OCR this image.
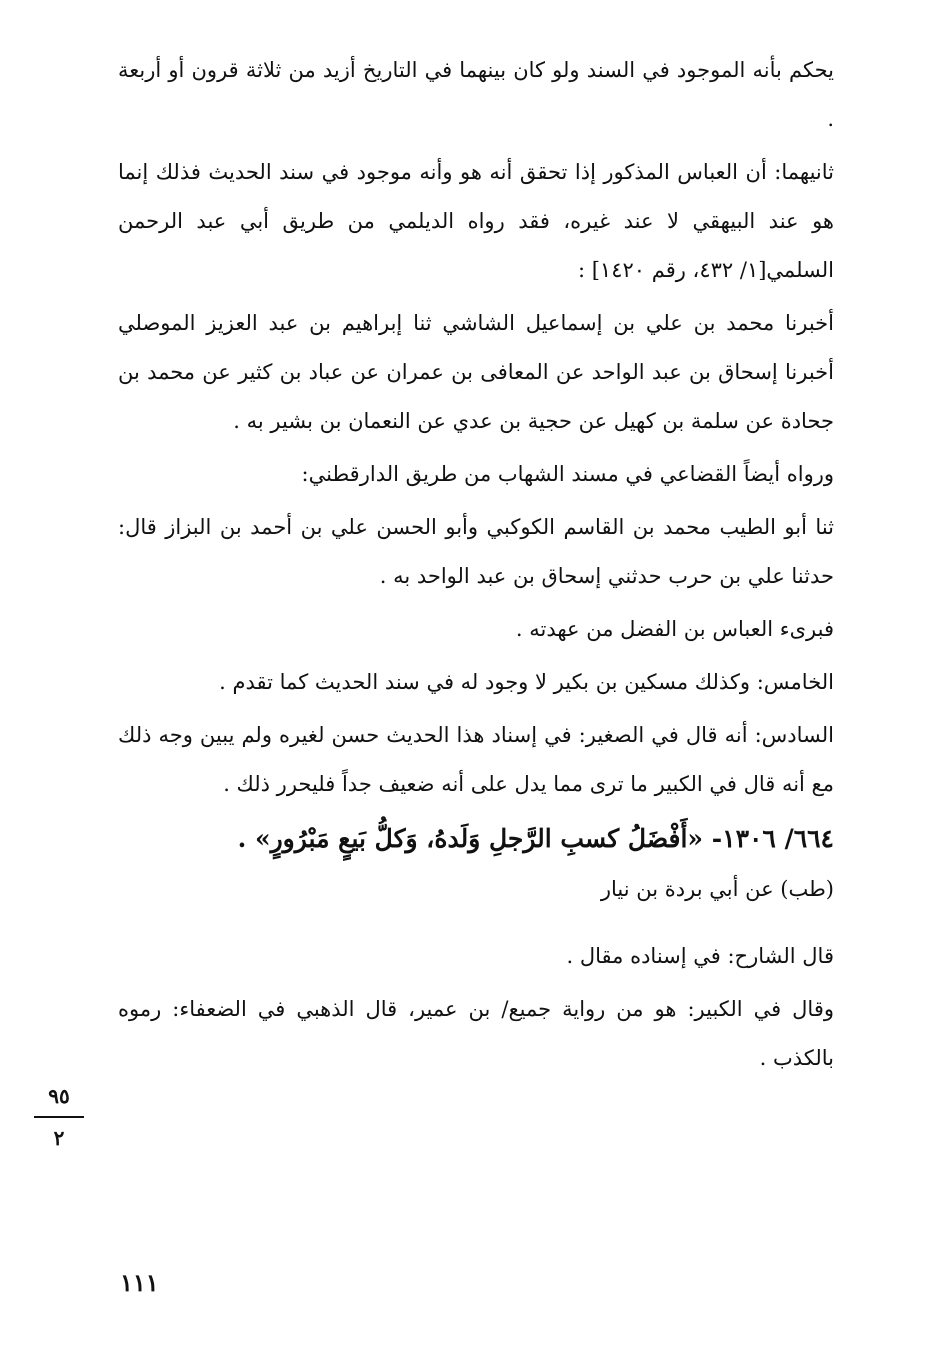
يحكم بأنه الموجود في السند ولو كان بينهما في التاريخ أزيد من ثلاثة قرون أو أربعة .

ثانيهما: أن العباس المذكور إذا تحقق أنه هو وأنه موجود في سند الحديث فذلك إنما هو عند البيهقي لا عند غيره، فقد رواه الديلمي من طريق أبي عبد الرحمن السلمي[١/ ٤٣٢، رقم ١٤٢٠] :

أخبرنا محمد بن علي بن إسماعيل الشاشي ثنا إبراهيم بن عبد العزيز الموصلي أخبرنا إسحاق بن عبد الواحد عن المعافى بن عمران عن عباد بن كثير عن محمد بن جحادة عن سلمة بن كهيل عن حجية بن عدي عن النعمان بن بشير به .

ورواه أيضاً القضاعي في مسند الشهاب من طريق الدارقطني:

ثنا أبو الطيب محمد بن القاسم الكوكبي وأبو الحسن علي بن أحمد بن البزاز قال: حدثنا علي بن حرب حدثني إسحاق بن عبد الواحد به .

فبرىء العباس بن الفضل من عهدته .

الخامس: وكذلك مسكين بن بكير لا وجود له في سند الحديث كما تقدم .

السادس: أنه قال في الصغير: في إسناد هذا الحديث حسن لغيره ولم يبين وجه ذلك مع أنه قال في الكبير ما ترى مما يدل على أنه ضعيف جداً فليحرر ذلك .

٦٦٤/ ١٣٠٦- «أَفْضَلُ كسبِ الرَّجلِ وَلَدهُ، وَكلُّ بَيعٍ مَبْرُورٍ» .

(طب) عن أبي بردة بن نيار

قال الشارح: في إسناده مقال .

وقال في الكبير: هو من رواية جميع/ بن عمير، قال الذهبي في الضعفاء: رموه بالكذب .

٩٥
٢
١١١
